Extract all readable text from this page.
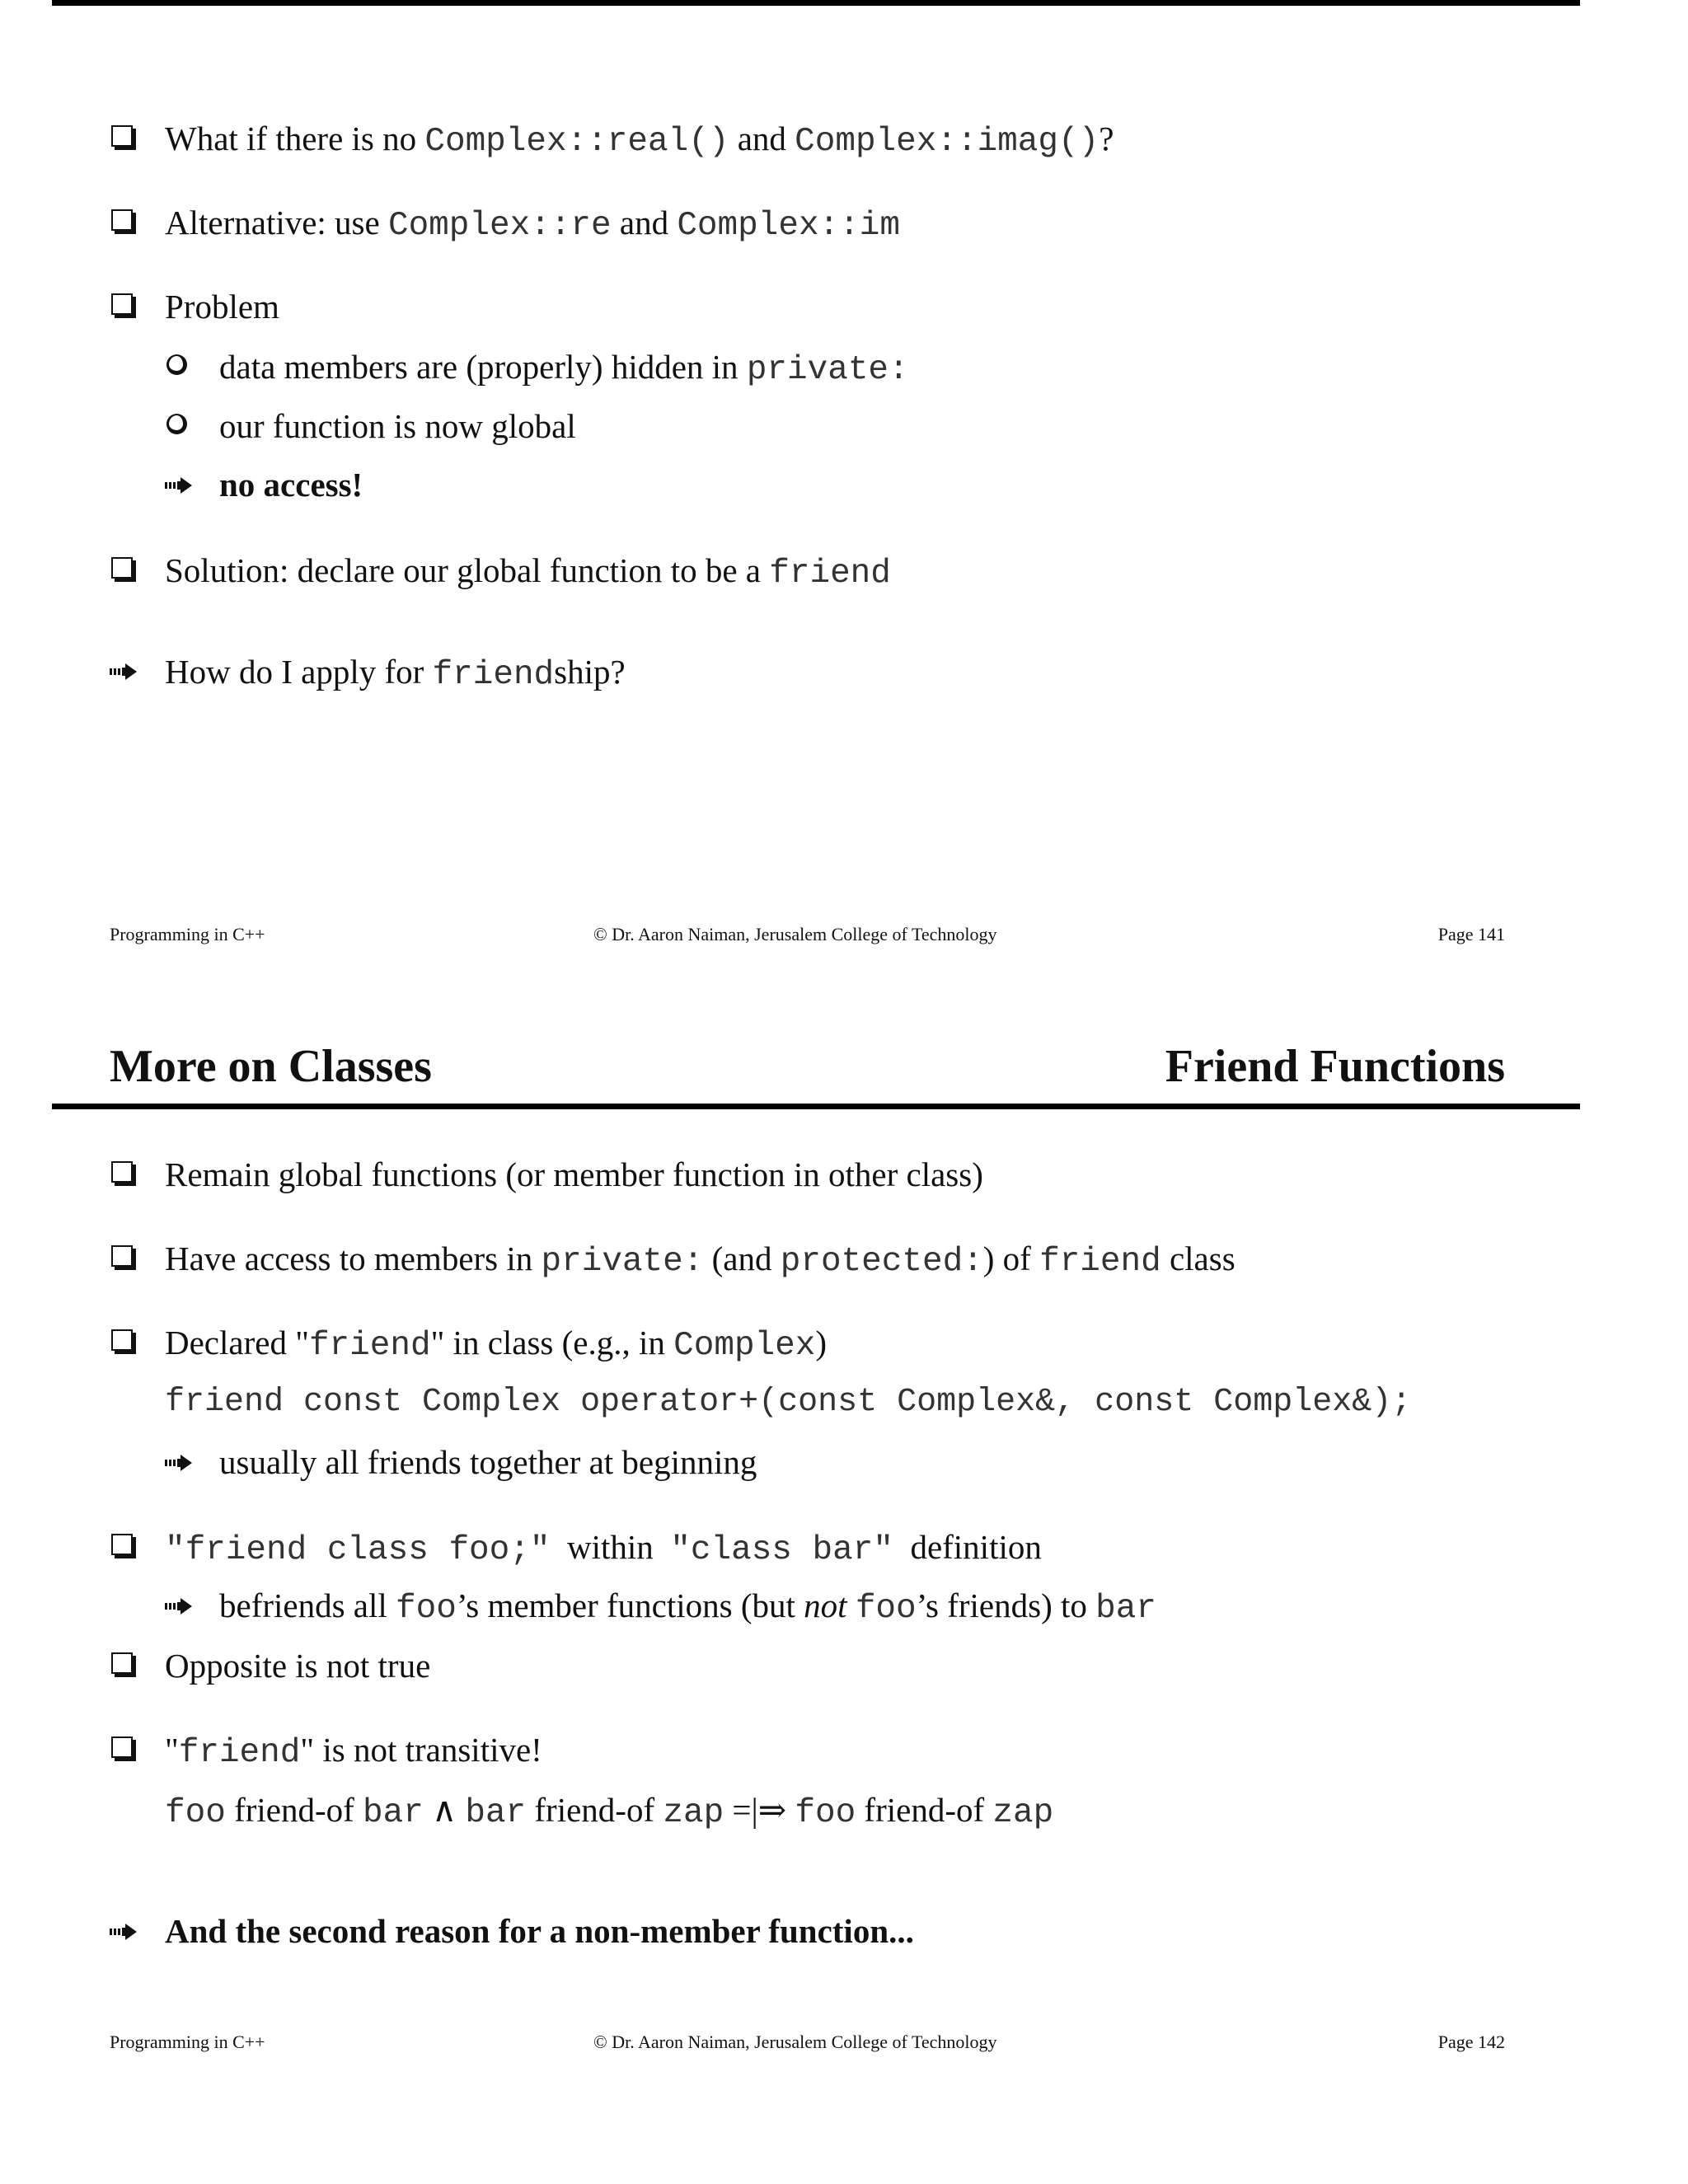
What if there is no Complex::real() and Complex::imag()?
Alternative: use Complex::re and Complex::im
Problem
data members are (properly) hidden in private:
our function is now global
no access!
Solution: declare our global function to be a friend
How do I apply for friendship?
Programming in C++	© Dr. Aaron Naiman, Jerusalem College of Technology	Page 141
More on Classes	Friend Functions
Remain global functions (or member function in other class)
Have access to members in private: (and protected:) of friend class
Declared "friend" in class (e.g., in Complex)
friend const Complex operator+(const Complex&, const Complex&);
usually all friends together at beginning
"friend class foo;"  within  "class bar"  definition
befriends all foo’s member functions (but not foo’s friends) to bar
Opposite is not true
"friend" is not transitive!
foo friend-of bar ∧ bar friend-of zap =|⇒ foo friend-of zap
And the second reason for a non-member function...
Programming in C++	© Dr. Aaron Naiman, Jerusalem College of Technology	Page 142
